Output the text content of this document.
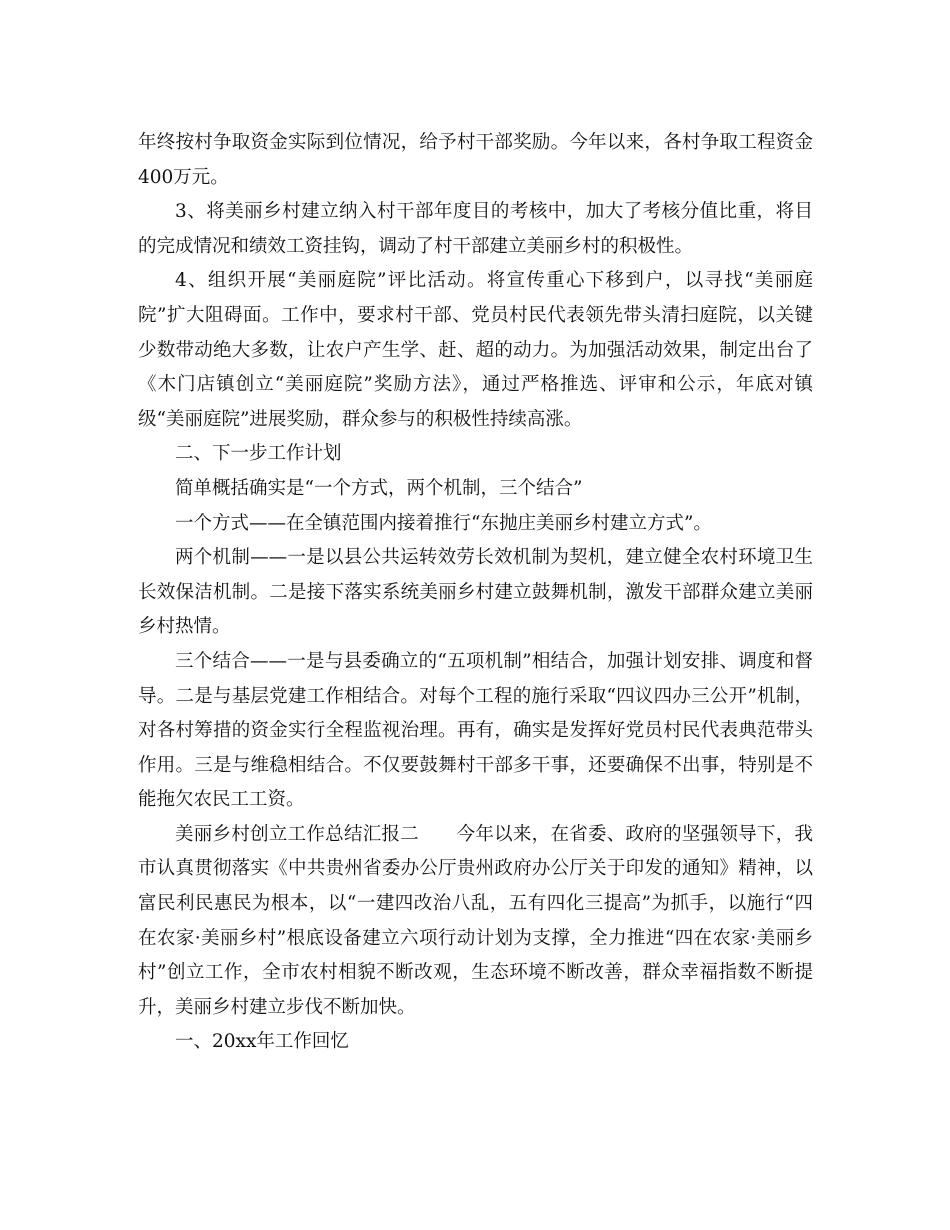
年终按村争取资金实际到位情况，给予村干部奖励。今年以来，各村争取工程资金400万元。

3、将美丽乡村建立纳入村干部年度目的考核中，加大了考核分值比重，将目的完成情况和绩效工资挂钩，调动了村干部建立美丽乡村的积极性。

4、组织开展“美丽庭院”评比活动。将宣传重心下移到户，以寻找“美丽庭院”扩大阻碍面。工作中，要求村干部、党员村民代表领先带头清扫庭院，以关键少数带动绝大多数，让农户产生学、赶、超的动力。为加强活动效果，制定出台了《木门店镇创立“美丽庭院”奖励方法》，通过严格推选、评审和公示，年底对镇级“美丽庭院”进展奖励，群众参与的积极性持续高涨。

二、下一步工作计划

简单概括确实是“一个方式，两个机制，三个结合”

一个方式——在全镇范围内接着推行“东抛庄美丽乡村建立方式”。

两个机制——一是以县公共运转效劳长效机制为契机，建立健全农村环境卫生长效保洁机制。二是接下落实系统美丽乡村建立鼓舞机制，激发干部群众建立美丽乡村热情。

三个结合——一是与县委确立的“五项机制”相结合，加强计划安排、调度和督导。二是与基层党建工作相结合。对每个工程的施行采取“四议四办三公开”机制，对各村筹措的资金实行全程监视治理。再有，确实是发挥好党员村民代表典范带头作用。三是与维稳相结合。不仅要鼓舞村干部多干事，还要确保不出事，特别是不能拖欠农民工工资。

美丽乡村创立工作总结汇报二　　今年以来，在省委、政府的坚强领导下，我市认真贯彻落实《中共贵州省委办公厅贵州政府办公厅关于印发的通知》精神，以富民利民惠民为根本，以“一建四改治八乱，五有四化三提高”为抓手，以施行“四在农家·美丽乡村”根底设备建立六项行动计划为支撑，全力推进“四在农家·美丽乡村”创立工作，全市农村相貌不断改观，生态环境不断改善，群众幸福指数不断提升，美丽乡村建立步伐不断加快。

一、20xx年工作回忆
